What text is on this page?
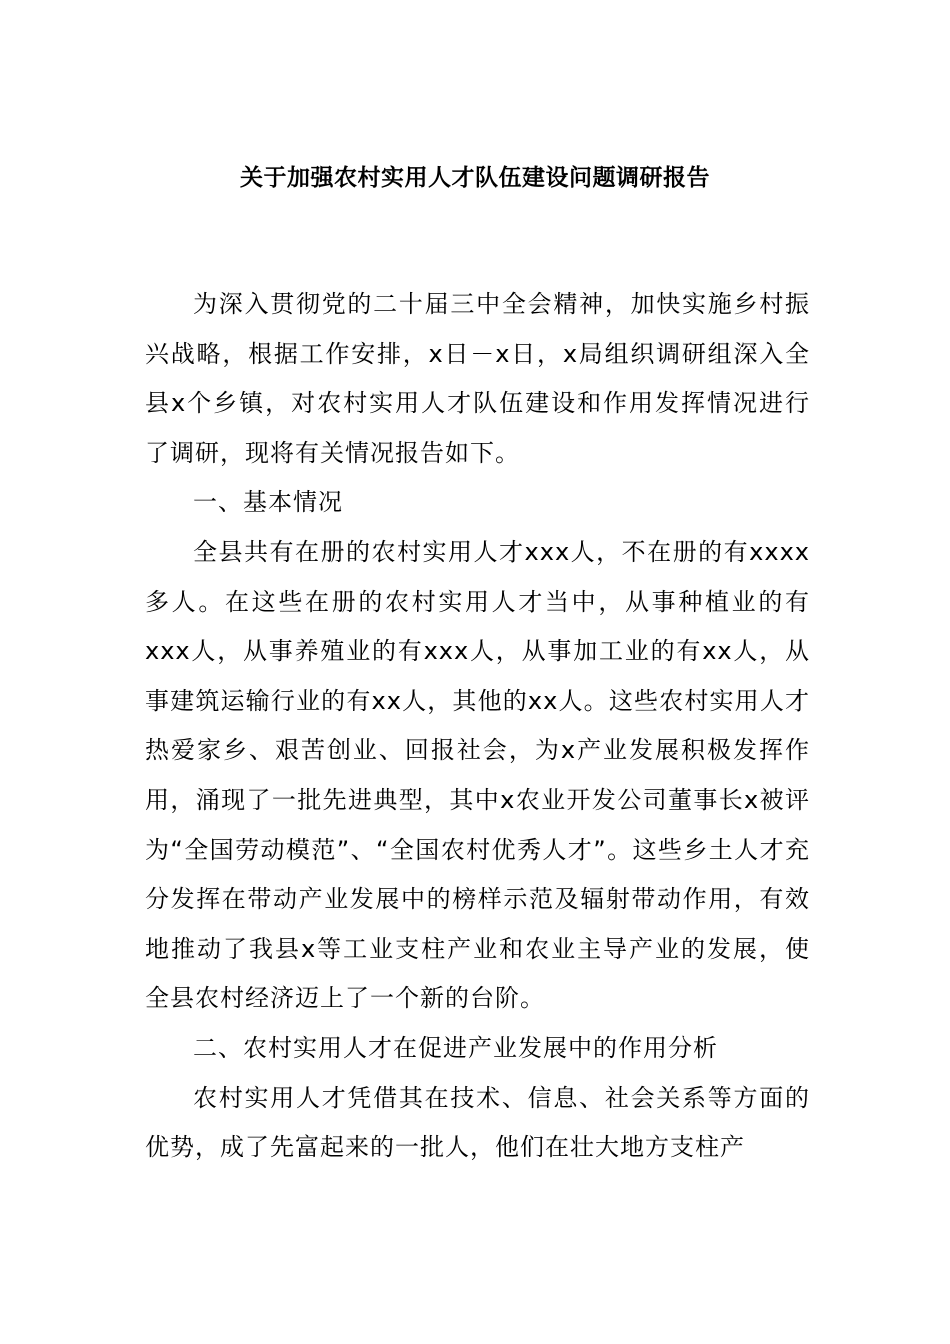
关于加强农村实用人才队伍建设问题调研报告

为深入贯彻党的二十届三中全会精神，加快实施乡村振兴战略，根据工作安排，x日－x日，x局组织调研组深入全县x个乡镇，对农村实用人才队伍建设和作用发挥情况进行了调研，现将有关情况报告如下。

一、基本情况

全县共有在册的农村实用人才xxx人，不在册的有xxxx多人。在这些在册的农村实用人才当中，从事种植业的有xxx人，从事养殖业的有xxx人，从事加工业的有xx人，从事建筑运输行业的有xx人，其他的xx人。这些农村实用人才热爱家乡、艰苦创业、回报社会，为x产业发展积极发挥作用，涌现了一批先进典型，其中x农业开发公司董事长x被评为“全国劳动模范”、“全国农村优秀人才”。这些乡土人才充分发挥在带动产业发展中的榜样示范及辐射带动作用，有效地推动了我县x等工业支柱产业和农业主导产业的发展，使全县农村经济迈上了一个新的台阶。

二、农村实用人才在促进产业发展中的作用分析

农村实用人才凭借其在技术、信息、社会关系等方面的优势，成了先富起来的一批人，他们在壮大地方支柱产
